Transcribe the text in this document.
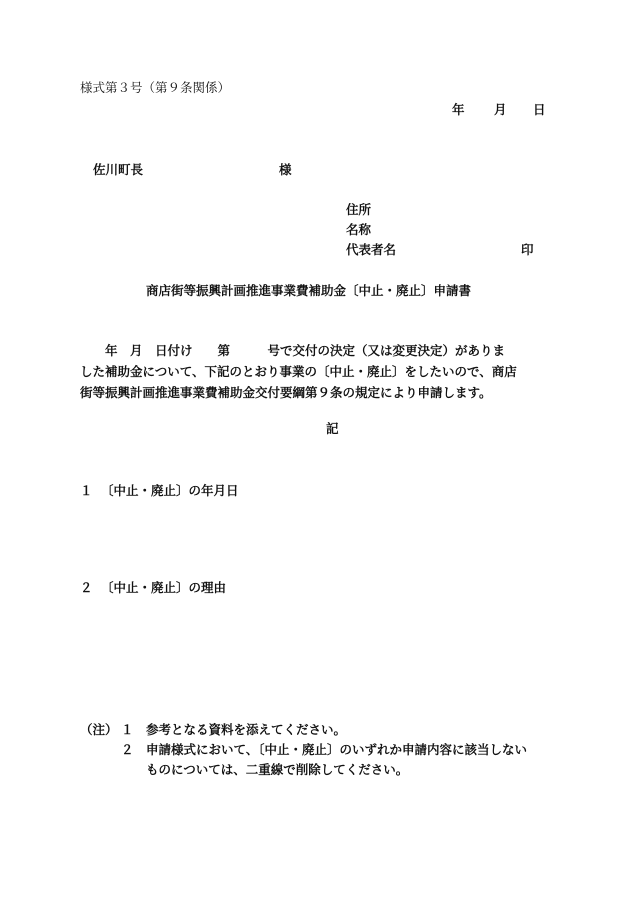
様式第３号（第９条関係）
年 月 日
佐川町長	様
住所
名称
代表者名	印
商店街等振興計画推進事業費補助金〔中止・廃止〕申請書
　　年　月　日付け　　第　　　号で交付の決定（又は変更決定）がありま
した補助金について、下記のとおり事業の〔中止・廃止〕をしたいので、商店
街等振興計画推進事業費補助金交付要綱第９条の規定により申請します。
記
１ 〔中止・廃止〕の年月日
２ 〔中止・廃止〕の理由
（注） １ 参考となる資料を添えてください。
２ 申請様式において、〔中止・廃止〕のいずれか申請内容に該当しない
ものについては、二重線で削除してください。
